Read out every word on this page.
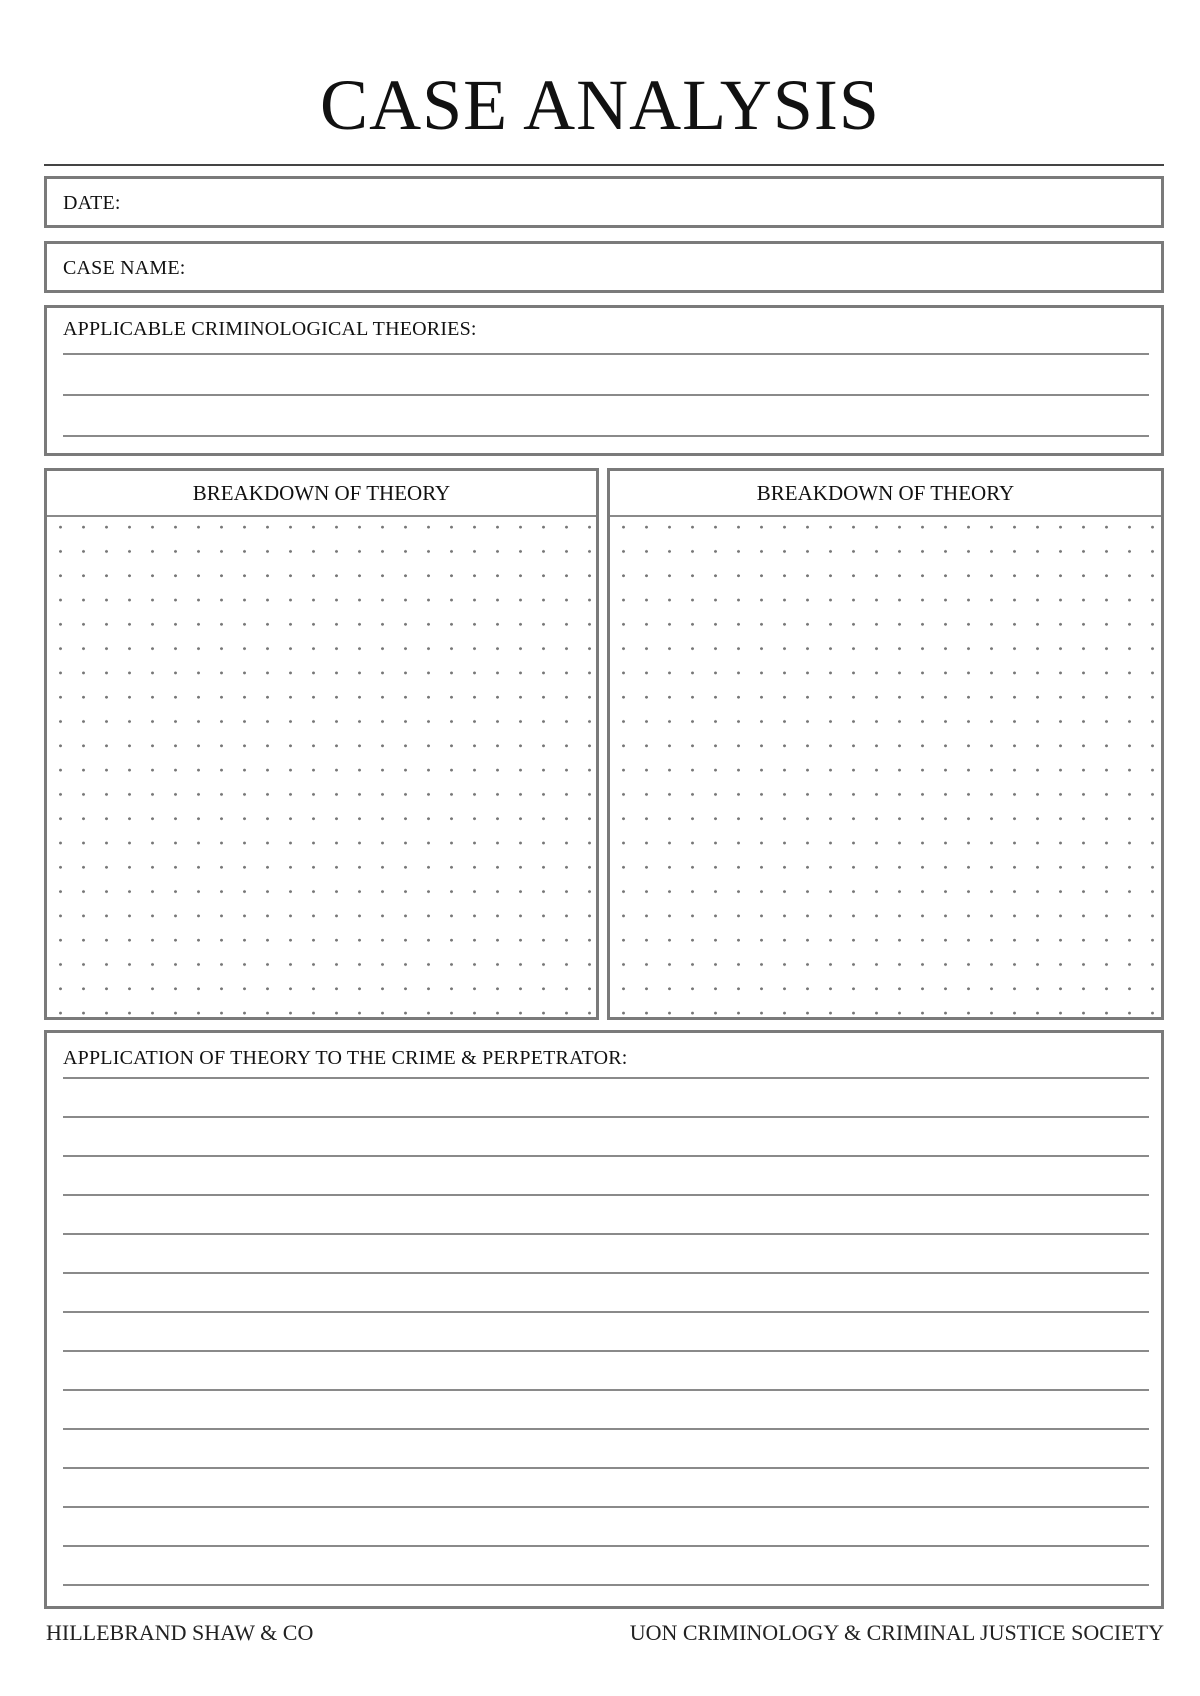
CASE ANALYSIS
DATE:
CASE NAME:
APPLICABLE CRIMINOLOGICAL THEORIES:
BREAKDOWN OF THEORY	BREAKDOWN OF THEORY
APPLICATION OF THEORY TO THE CRIME & PERPETRATOR:
HILLEBRAND SHAW & CO	UON CRIMINOLOGY & CRIMINAL JUSTICE SOCIETY
